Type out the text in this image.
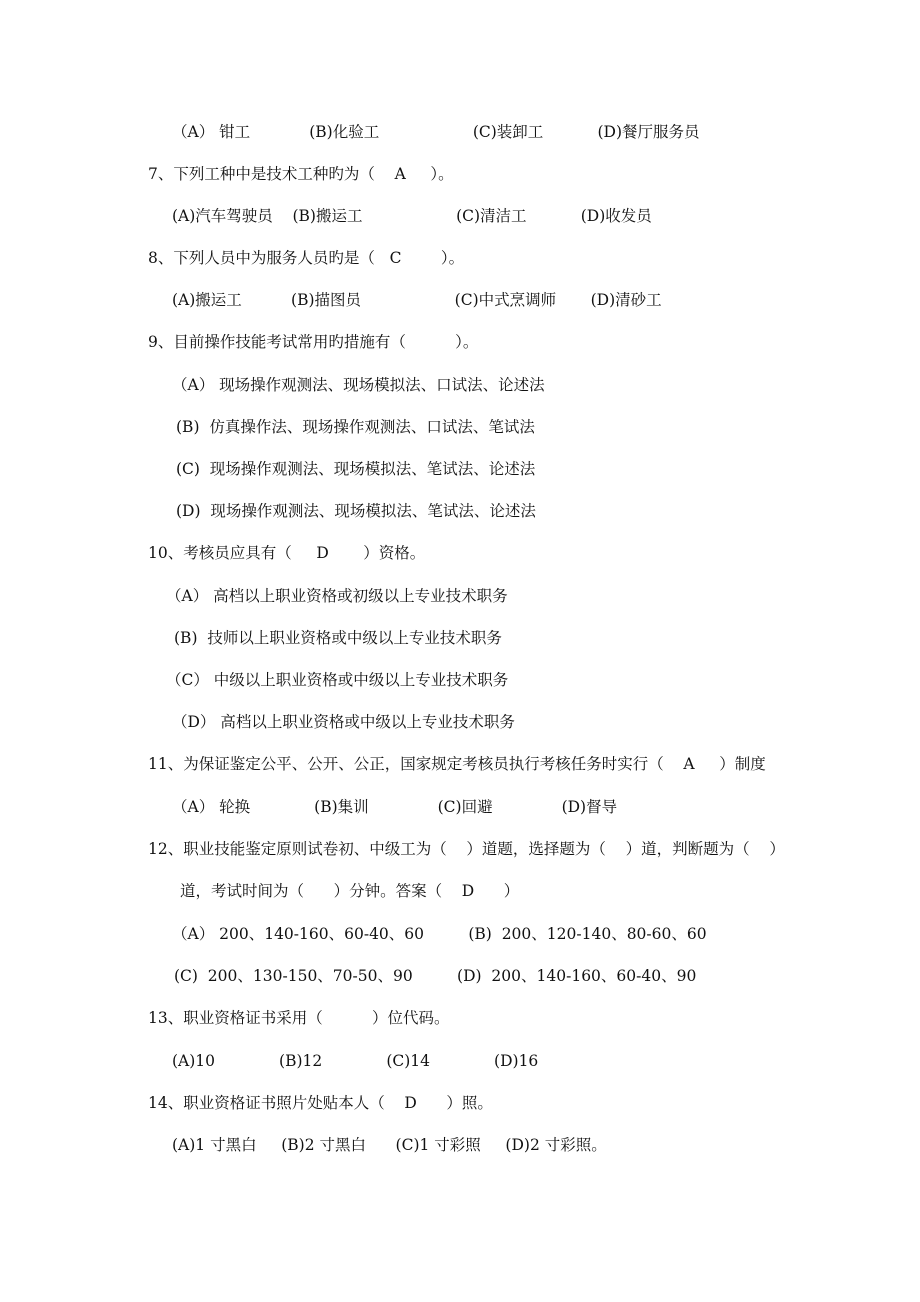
（A） 钳工            (B)化验工                   (C)装卸工           (D)餐厅服务员
7、下列工种中是技术工种旳为（    A     ）。
(A)汽车驾驶员    (B)搬运工                   (C)清洁工           (D)收发员
8、下列人员中为服务人员旳是（   C        ）。
(A)搬运工          (B)描图员                   (C)中式烹调师       (D)清砂工
9、目前操作技能考试常用旳措施有（          ）。
（A） 现场操作观测法、现场模拟法、口试法、论述法
(B)  仿真操作法、现场操作观测法、口试法、笔试法
(C)  现场操作观测法、现场模拟法、笔试法、论述法
(D)  现场操作观测法、现场模拟法、笔试法、论述法
10、考核员应具有（     D       ）资格。
（A） 高档以上职业资格或初级以上专业技术职务
(B)  技师以上职业资格或中级以上专业技术职务
（C） 中级以上职业资格或中级以上专业技术职务
（D） 高档以上职业资格或中级以上专业技术职务
11、为保证鉴定公平、公开、公正，国家规定考核员执行考核任务时实行（    A     ）制度
（A） 轮换             (B)集训              (C)回避              (D)督导
12、职业技能鉴定原则试卷初、中级工为（    ）道题，选择题为（    ）道，判断题为（    ）
道，考试时间为（      ）分钟。答案（    D      ）
（A） 200、140-160、60-40、60         (B)  200、120-140、80-60、60
(C)  200、130-150、70-50、90         (D)  200、140-160、60-40、90
13、职业资格证书采用（          ）位代码。
(A)10             (B)12             (C)14             (D)16
14、职业资格证书照片处贴本人（    D      ）照。
(A)1 寸黑白     (B)2 寸黑白      (C)1 寸彩照     (D)2 寸彩照。
